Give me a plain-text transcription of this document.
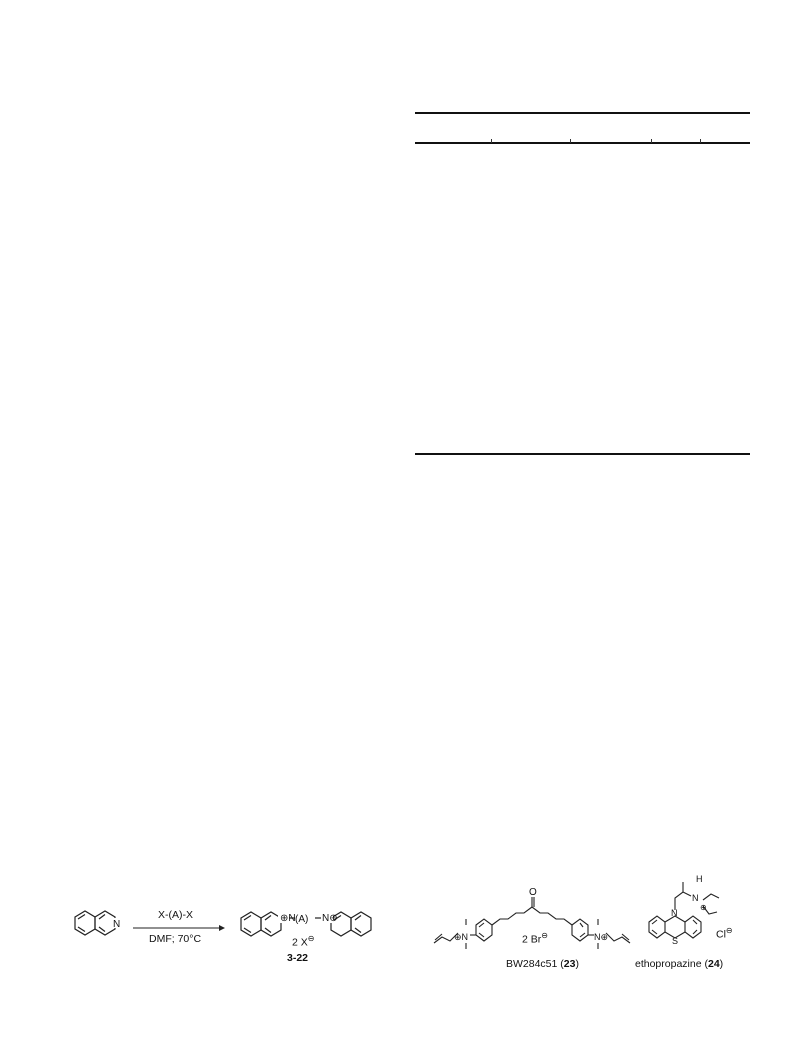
N
X-(A)-X
DMF; 70°C
⊕N (A) N⊕
2 X⊖
3-22
O
⊕N	N⊕
2 Br⊖
BW284c51 (23)
N
S
H
N
⊕
Cl⊖
ethopropazine (24)
